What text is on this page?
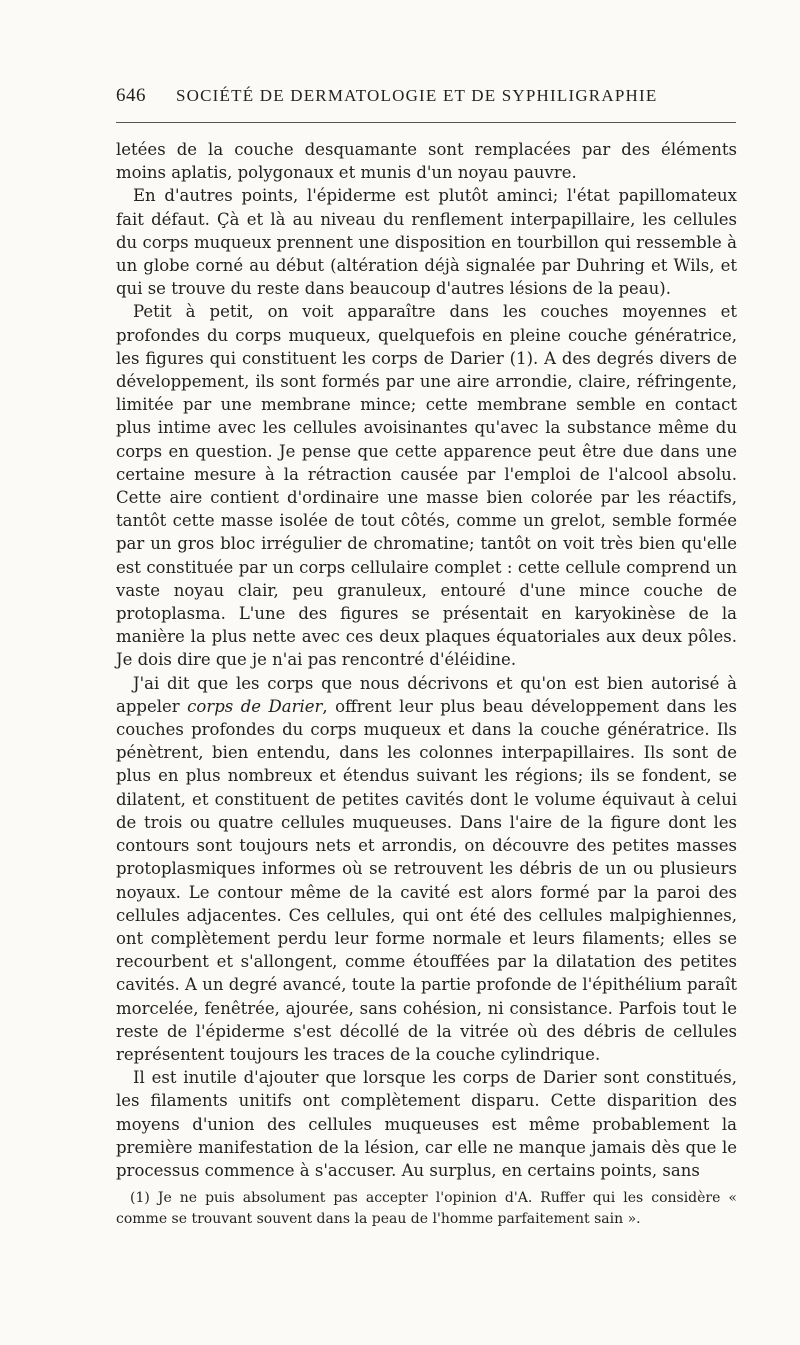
646 SOCIÉTÉ DE DERMATOLOGIE ET DE SYPHILIGRAPHIE

letées de la couche desquamante sont remplacées par des éléments moins aplatis, polygonaux et munis d'un noyau pauvre.

En d'autres points, l'épiderme est plutôt aminci; l'état papillomateux fait défaut. Çà et là au niveau du renflement interpapillaire, les cellules du corps muqueux prennent une disposition en tourbillon qui ressemble à un globe corné au début (altération déjà signalée par Duhring et Wils, et qui se trouve du reste dans beaucoup d'autres lésions de la peau).

Petit à petit, on voit apparaître dans les couches moyennes et profondes du corps muqueux, quelquefois en pleine couche génératrice, les figures qui constituent les corps de Darier (1). A des degrés divers de développement, ils sont formés par une aire arrondie, claire, réfringente, limitée par une membrane mince; cette membrane semble en contact plus intime avec les cellules avoisinantes qu'avec la substance même du corps en question. Je pense que cette apparence peut être due dans une certaine mesure à la rétraction causée par l'emploi de l'alcool absolu. Cette aire contient d'ordinaire une masse bien colorée par les réactifs, tantôt cette masse isolée de tout côtés, comme un grelot, semble formée par un gros bloc irrégulier de chromatine; tantôt on voit très bien qu'elle est constituée par un corps cellulaire complet : cette cellule comprend un vaste noyau clair, peu granuleux, entouré d'une mince couche de protoplasma. L'une des figures se présentait en karyokinèse de la manière la plus nette avec ces deux plaques équatoriales aux deux pôles. Je dois dire que je n'ai pas rencontré d'éléidine.

J'ai dit que les corps que nous décrivons et qu'on est bien autorisé à appeler corps de Darier, offrent leur plus beau développement dans les couches profondes du corps muqueux et dans la couche génératrice. Ils pénètrent, bien entendu, dans les colonnes interpapillaires. Ils sont de plus en plus nombreux et étendus suivant les régions; ils se fondent, se dilatent, et constituent de petites cavités dont le volume équivaut à celui de trois ou quatre cellules muqueuses. Dans l'aire de la figure dont les contours sont toujours nets et arrondis, on découvre des petites masses protoplasmiques informes où se retrouvent les débris de un ou plusieurs noyaux. Le contour même de la cavité est alors formé par la paroi des cellules adjacentes. Ces cellules, qui ont été des cellules malpighiennes, ont complètement perdu leur forme normale et leurs filaments; elles se recourbent et s'allongent, comme étouffées par la dilatation des petites cavités. A un degré avancé, toute la partie profonde de l'épithélium paraît morcelée, fenêtrée, ajourée, sans cohésion, ni consistance. Parfois tout le reste de l'épiderme s'est décollé de la vitrée où des débris de cellules représentent toujours les traces de la couche cylindrique.

Il est inutile d'ajouter que lorsque les corps de Darier sont constitués, les filaments unitifs ont complètement disparu. Cette disparition des moyens d'union des cellules muqueuses est même probablement la première manifestation de la lésion, car elle ne manque jamais dès que le processus commence à s'accuser. Au surplus, en certains points, sans

(1) Je ne puis absolument pas accepter l'opinion d'A. Ruffer qui les considère « comme se trouvant souvent dans la peau de l'homme parfaitement sain ».
